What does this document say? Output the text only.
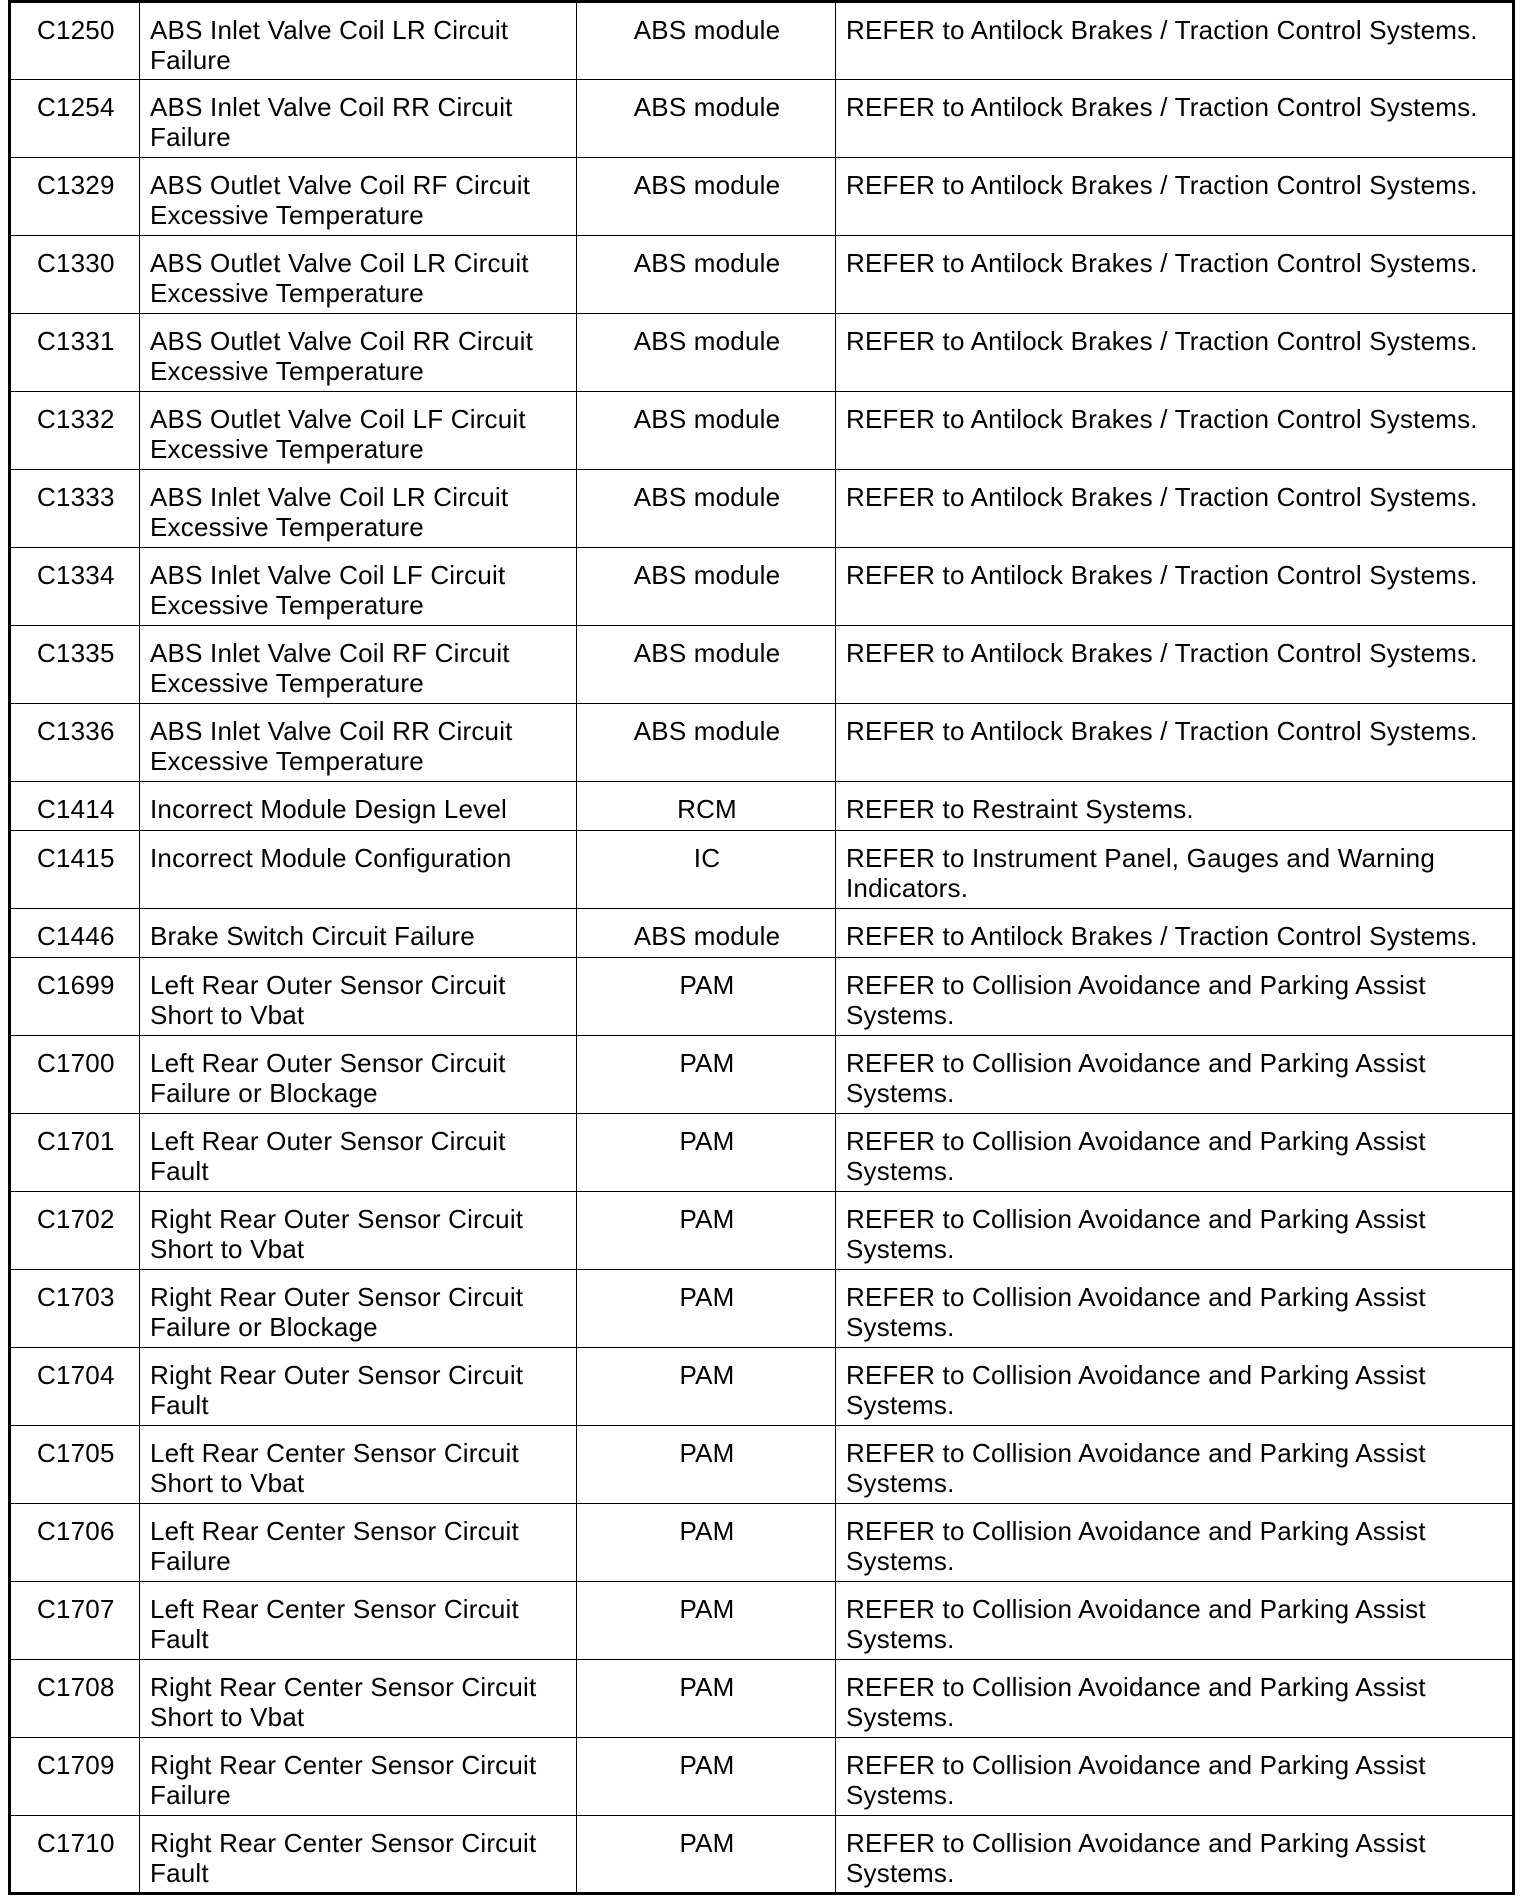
C1250	ABS Inlet Valve Coil LR Circuit Failure	ABS module	REFER to Antilock Brakes / Traction Control Systems.
C1254	ABS Inlet Valve Coil RR Circuit Failure	ABS module	REFER to Antilock Brakes / Traction Control Systems.
C1329	ABS Outlet Valve Coil RF Circuit Excessive Temperature	ABS module	REFER to Antilock Brakes / Traction Control Systems.
C1330	ABS Outlet Valve Coil LR Circuit Excessive Temperature	ABS module	REFER to Antilock Brakes / Traction Control Systems.
C1331	ABS Outlet Valve Coil RR Circuit Excessive Temperature	ABS module	REFER to Antilock Brakes / Traction Control Systems.
C1332	ABS Outlet Valve Coil LF Circuit Excessive Temperature	ABS module	REFER to Antilock Brakes / Traction Control Systems.
C1333	ABS Inlet Valve Coil LR Circuit Excessive Temperature	ABS module	REFER to Antilock Brakes / Traction Control Systems.
C1334	ABS Inlet Valve Coil LF Circuit Excessive Temperature	ABS module	REFER to Antilock Brakes / Traction Control Systems.
C1335	ABS Inlet Valve Coil RF Circuit Excessive Temperature	ABS module	REFER to Antilock Brakes / Traction Control Systems.
C1336	ABS Inlet Valve Coil RR Circuit Excessive Temperature	ABS module	REFER to Antilock Brakes / Traction Control Systems.
C1414	Incorrect Module Design Level	RCM	REFER to Restraint Systems.
C1415	Incorrect Module Configuration	IC	REFER to Instrument Panel, Gauges and Warning Indicators.
C1446	Brake Switch Circuit Failure	ABS module	REFER to Antilock Brakes / Traction Control Systems.
C1699	Left Rear Outer Sensor Circuit Short to Vbat	PAM	REFER to Collision Avoidance and Parking Assist Systems.
C1700	Left Rear Outer Sensor Circuit Failure or Blockage	PAM	REFER to Collision Avoidance and Parking Assist Systems.
C1701	Left Rear Outer Sensor Circuit Fault	PAM	REFER to Collision Avoidance and Parking Assist Systems.
C1702	Right Rear Outer Sensor Circuit Short to Vbat	PAM	REFER to Collision Avoidance and Parking Assist Systems.
C1703	Right Rear Outer Sensor Circuit Failure or Blockage	PAM	REFER to Collision Avoidance and Parking Assist Systems.
C1704	Right Rear Outer Sensor Circuit Fault	PAM	REFER to Collision Avoidance and Parking Assist Systems.
C1705	Left Rear Center Sensor Circuit Short to Vbat	PAM	REFER to Collision Avoidance and Parking Assist Systems.
C1706	Left Rear Center Sensor Circuit Failure	PAM	REFER to Collision Avoidance and Parking Assist Systems.
C1707	Left Rear Center Sensor Circuit Fault	PAM	REFER to Collision Avoidance and Parking Assist Systems.
C1708	Right Rear Center Sensor Circuit Short to Vbat	PAM	REFER to Collision Avoidance and Parking Assist Systems.
C1709	Right Rear Center Sensor Circuit Failure	PAM	REFER to Collision Avoidance and Parking Assist Systems.
C1710	Right Rear Center Sensor Circuit Fault	PAM	REFER to Collision Avoidance and Parking Assist Systems.
